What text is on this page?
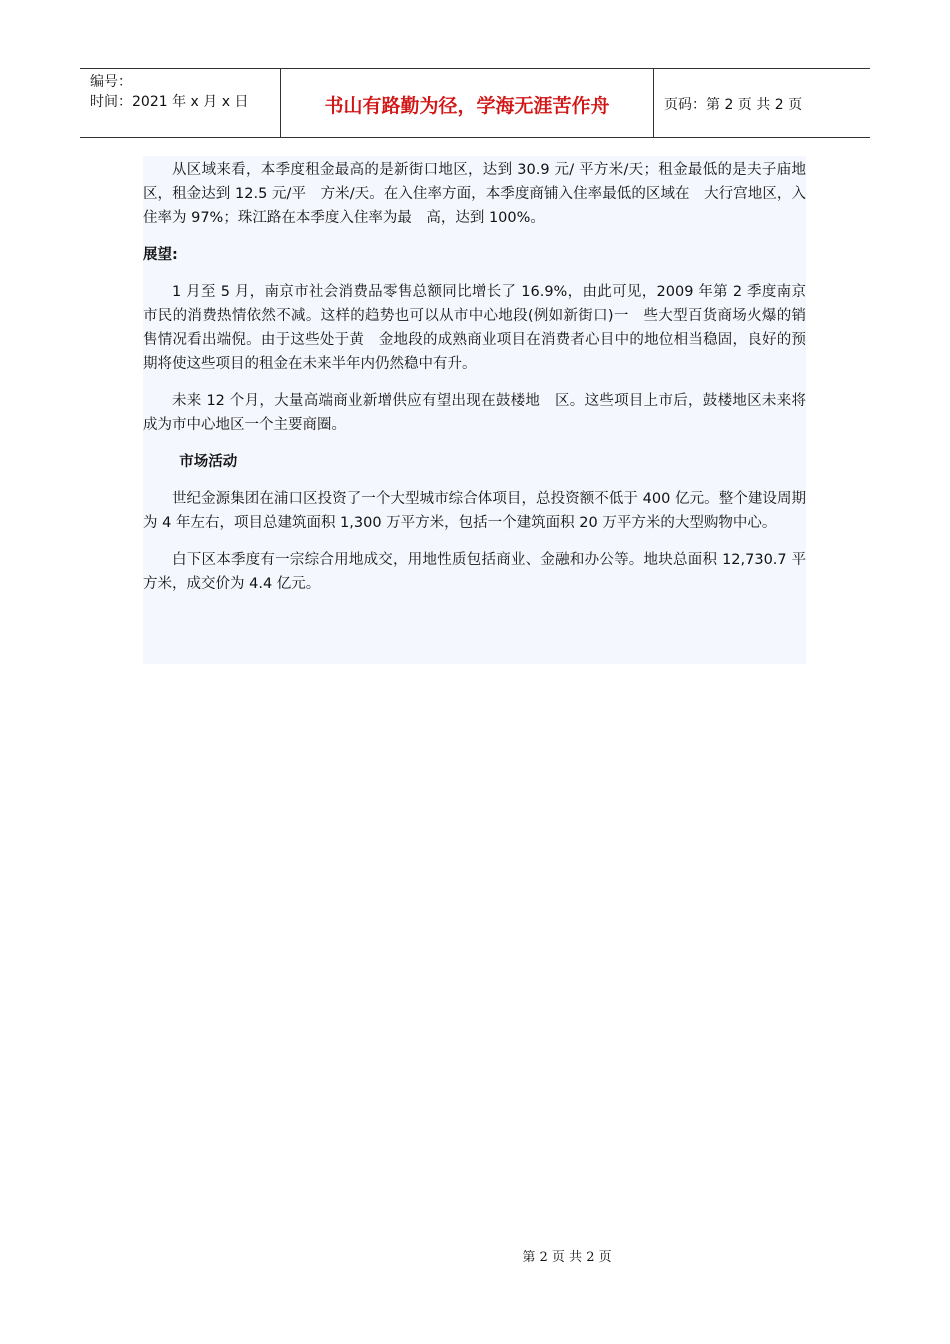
编号：
时间：2021 年 x 月 x 日	书山有路勤为径，学海无涯苦作舟	页码：第 2 页 共 2 页

从区域来看，本季度租金最高的是新街口地区，达到 30.9 元/ 平方米/天；租金最低的是夫子庙地区，租金达到 12.5 元/平　方米/天。在入住率方面，本季度商铺入住率最低的区域在　大行宫地区，入住率为 97%；珠江路在本季度入住率为最　高，达到 100%。

展望:

1 月至 5 月，南京市社会消费品零售总额同比增长了 16.9%，由此可见，2009 年第 2 季度南京市民的消费热情依然不减。这样的趋势也可以从市中心地段(例如新街口)一　些大型百货商场火爆的销售情况看出端倪。由于这些处于黄　金地段的成熟商业项目在消费者心目中的地位相当稳固，良好的预期将使这些项目的租金在未来半年内仍然稳中有升。

未来 12 个月，大量高端商业新增供应有望出现在鼓楼地　区。这些项目上市后，鼓楼地区未来将成为市中心地区一个主要商圈。

市场活动

世纪金源集团在浦口区投资了一个大型城市综合体项目，总投资额不低于 400 亿元。整个建设周期为 4 年左右，项目总建筑面积 1,300 万平方米，包括一个建筑面积 20 万平方米的大型购物中心。

白下区本季度有一宗综合用地成交，用地性质包括商业、金融和办公等。地块总面积 12,730.7 平方米，成交价为 4.4 亿元。

第 2 页 共 2 页
